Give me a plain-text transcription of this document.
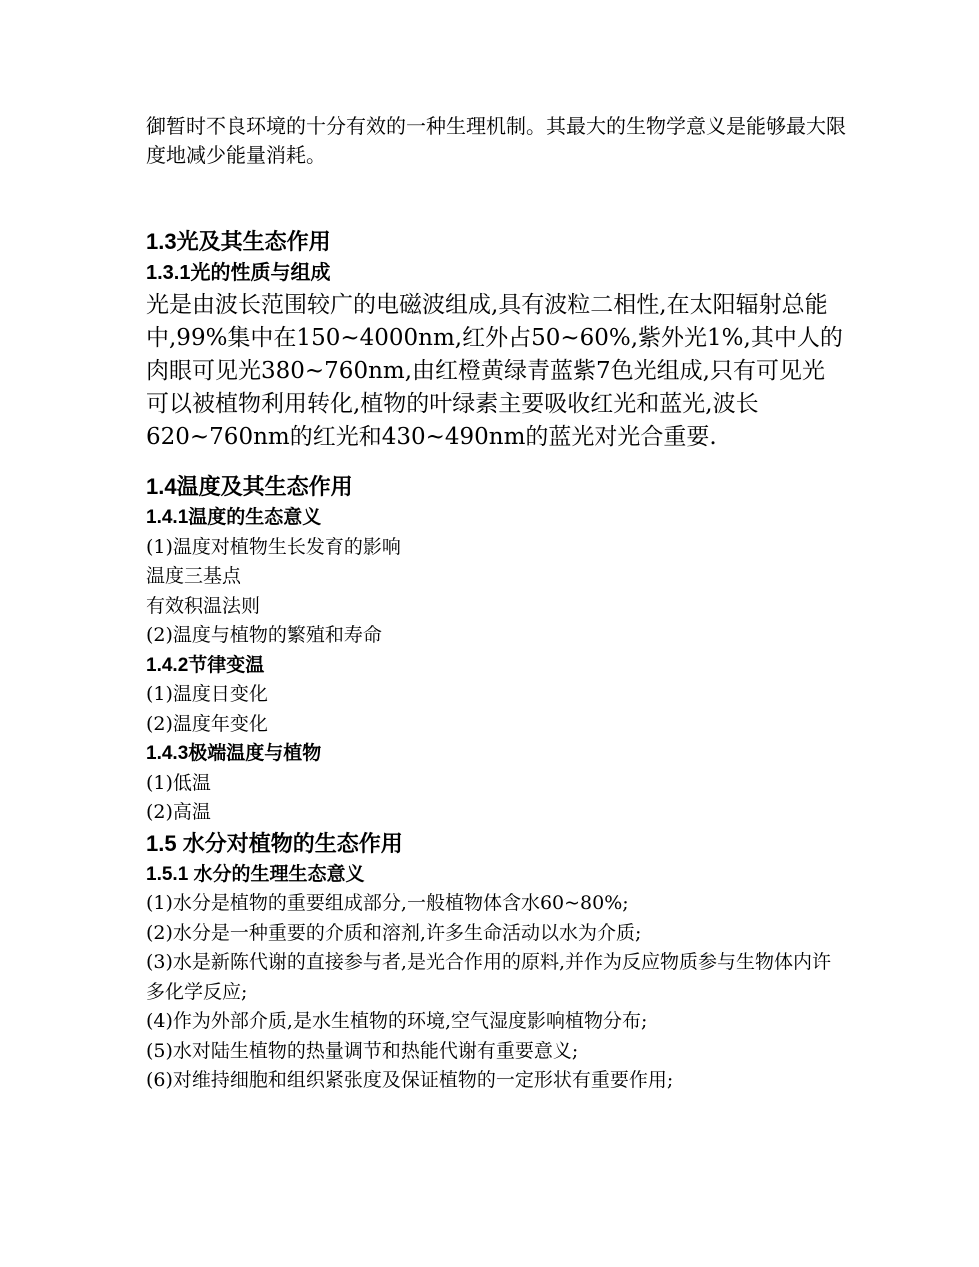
御暂时不良环境的十分有效的一种生理机制。其最大的生物学意义是能够最大限度地减少能量消耗。

1.3光及其生态作用
1.3.1光的性质与组成

光是由波长范围较广的电磁波组成,具有波粒二相性,在太阳辐射总能中,99%集中在150~4000nm,红外占50~60%,紫外光1%,其中人的肉眼可见光380~760nm,由红橙黄绿青蓝紫7色光组成,只有可见光可以被植物利用转化,植物的叶绿素主要吸收红光和蓝光,波长620~760nm的红光和430~490nm的蓝光对光合重要.

1.4温度及其生态作用
1.4.1温度的生态意义

(1)温度对植物生长发育的影响

温度三基点

有效积温法则

(2)温度与植物的繁殖和寿命

1.4.2节律变温

(1)温度日变化

(2)温度年变化

1.4.3极端温度与植物

(1)低温

(2)高温

1.5 水分对植物的生态作用
1.5.1 水分的生理生态意义

(1)水分是植物的重要组成部分,一般植物体含水60~80%;

(2)水分是一种重要的介质和溶剂,许多生命活动以水为介质;

(3)水是新陈代谢的直接参与者,是光合作用的原料,并作为反应物质参与生物体内许多化学反应;

(4)作为外部介质,是水生植物的环境,空气湿度影响植物分布;

(5)水对陆生植物的热量调节和热能代谢有重要意义;

(6)对维持细胞和组织紧张度及保证植物的一定形状有重要作用;
